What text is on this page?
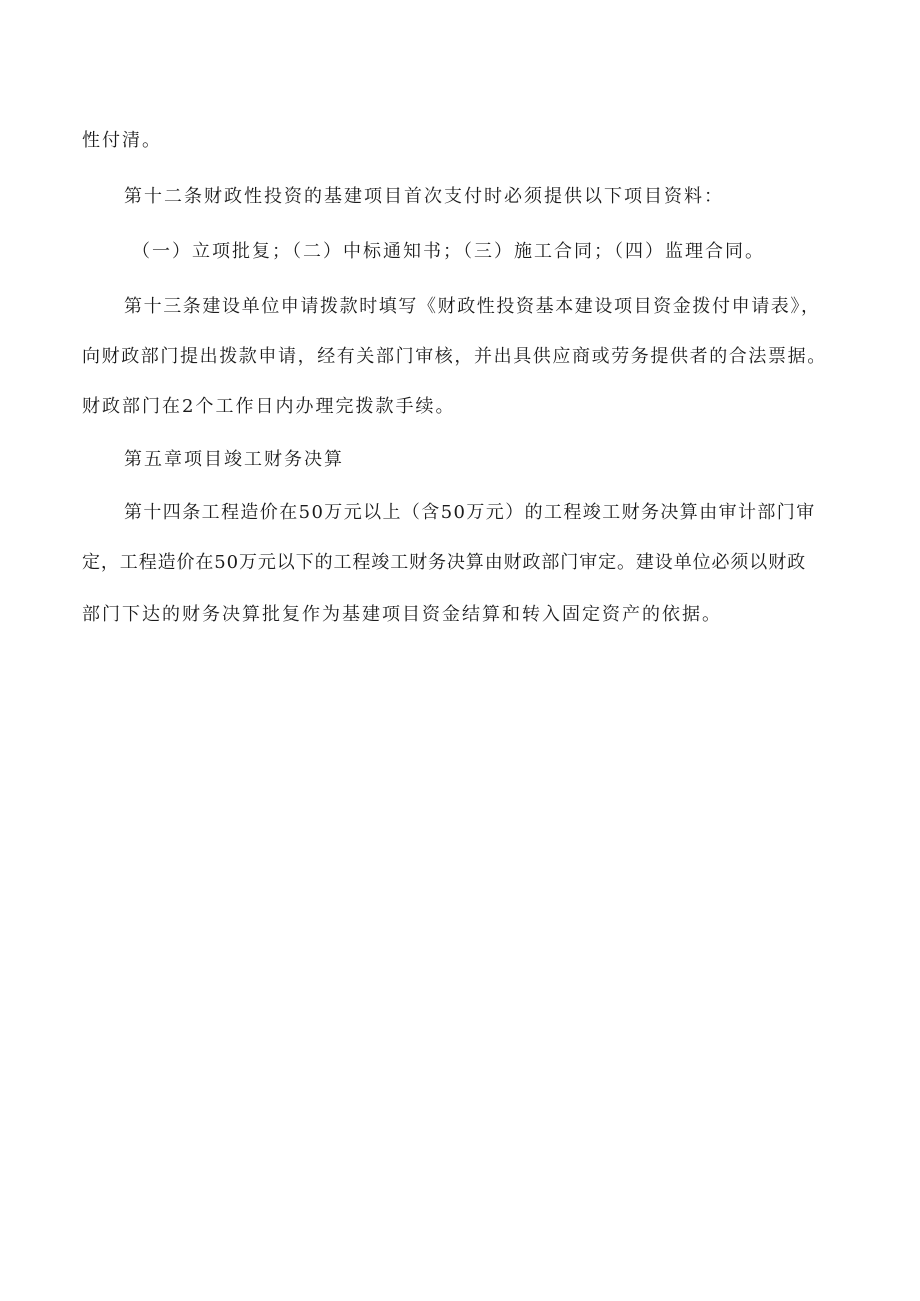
性付清。
第十二条财政性投资的基建项目首次支付时必须提供以下项目资料：
（一）立项批复；（二）中标通知书；（三）施工合同；（四）监理合同。
第十三条建设单位申请拨款时填写《财政性投资基本建设项目资金拨付申请表》，
向财政部门提出拨款申请，经有关部门审核，并出具供应商或劳务提供者的合法票据。
财政部门在2个工作日内办理完拨款手续。
第五章项目竣工财务决算
第十四条工程造价在50万元以上（含50万元）的工程竣工财务决算由审计部门审
定，工程造价在50万元以下的工程竣工财务决算由财政部门审定。建设单位必须以财政
部门下达的财务决算批复作为基建项目资金结算和转入固定资产的依据。
